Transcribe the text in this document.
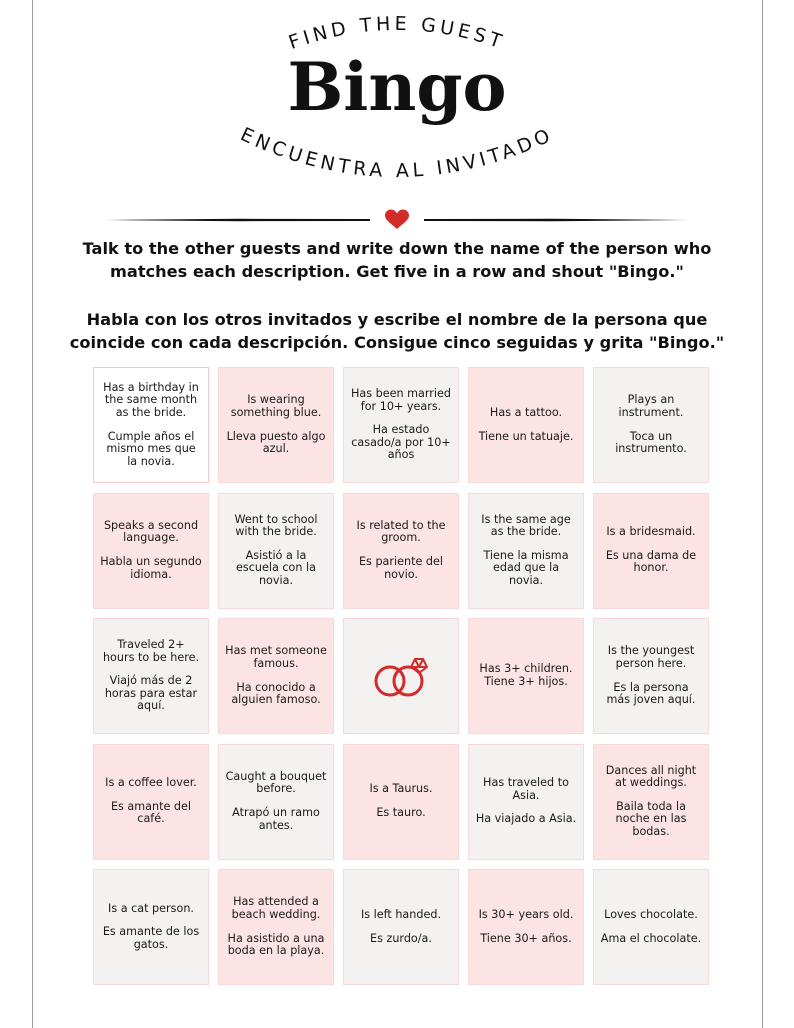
FIND THE GUEST
ENCUENTRA AL INVITADO
Bingo
Talk to the other guests and write down the name of the person who matches each description. Get five in a row and shout "Bingo."
Habla con los otros invitados y escribe el nombre de la persona que coincide con cada descripción. Consigue cinco seguidas y grita "Bingo."
Has a birthday in the same month as the bride.
Cumple años el mismo mes que la novia.
Is wearing something blue.
Lleva puesto algo azul.
Has been married for 10+ years.
Ha estado casado/a por 10+ años
Has a tattoo.
Tiene un tatuaje.
Plays an instrument.
Toca un instrumento.
Speaks a second language.
Habla un segundo idioma.
Went to school with the bride.
Asistió a la escuela con la novia.
Is related to the groom.
Es pariente del novio.
Is the same age as the bride.
Tiene la misma edad que la novia.
Is a bridesmaid.
Es una dama de honor.
Traveled 2+ hours to be here.
Viajó más de 2 horas para estar aquí.
Has met someone famous.
Ha conocido a alguien famoso.
Has 3+ children. Tiene 3+ hijos.
Is the youngest person here.
Es la persona más joven aquí.
Is a coffee lover.
Es amante del café.
Caught a bouquet before.
Atrapó un ramo antes.
Is a Taurus.
Es tauro.
Has traveled to Asia.
Ha viajado a Asia.
Dances all night at weddings.
Baila toda la noche en las bodas.
Is a cat person.
Es amante de los gatos.
Has attended a beach wedding.
Ha asistido a una boda en la playa.
Is left handed.
Es zurdo/a.
Is 30+ years old.
Tiene 30+ años.
Loves chocolate.
Ama el chocolate.
